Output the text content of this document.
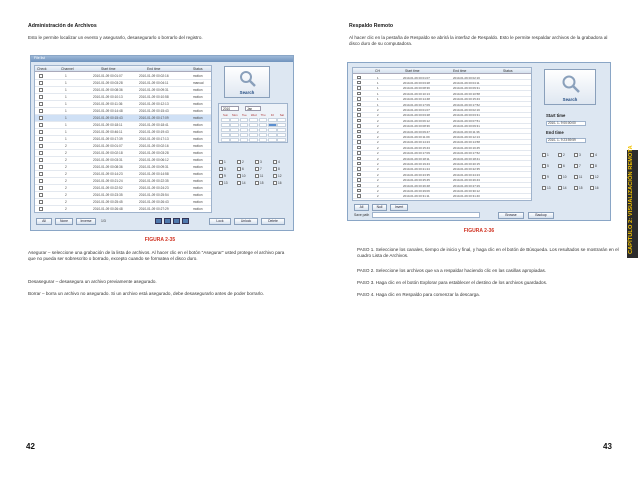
Administración de Archivos
Esto le permite localizar un evento y asegurarlo, desasegurarlo o borrarlo del registro.
File list
Check	Channel	Start time	End time	Status
1	2010-01-09 00:01:07	2010-01-09 00:02:16	motion
1	2010-01-09 00:03:28	2010-01-09 00:04:11	manual
1	2010-01-09 00:08:36	2010-01-09 00:09:31	motion
1	2010-01-09 00:10:13	2010-01-09 00:10:58	motion
1	2010-01-09 00:11:36	2010-01-09 00:12:13	motion
1	2010-01-09 00:14:48	2010-01-09 00:15:43	motion
1	2010-01-09 00:15:43	2010-01-09 00:17:09	motion
1	2010-01-09 00:18:11	2010-01-09 00:18:41	motion
1	2010-01-09 00:46:11	2010-01-09 00:19:43	motion
1	2010-01-09 00:17:39	2010-01-09 00:17:13	motion
2	2010-01-09 00:01:07	2010-01-09 00:02:16	motion
2	2010-01-09 00:02:18	2010-01-09 00:03:28	motion
2	2010-01-09 00:03:31	2010-01-09 00:06:12	motion
2	2010-01-09 00:08:36	2010-01-09 00:09:31	motion
2	2010-01-09 00:14:23	2010-01-09 00:14:58	motion
2	2010-01-09 00:21:24	2010-01-09 00:22:35	motion
2	2010-01-09 00:22:52	2010-01-09 00:24:23	motion
2	2010-01-09 00:23:35	2010-01-09 00:25:54	motion
2	2010-01-09 00:25:45	2010-01-09 00:26:43	motion
2	2010-01-09 00:26:48	2010-01-09 00:27:29	motion
Search
2010	Jan
Sun	Mon	Tue	Wed	Thu	Fri	Sat
1	2	3	4
5	6	7	8
9	10	11	12
13	14	15	16
All	None	Inverse	1/3	Lock	Unlock	Delete
FIGURA 2-35
Asegurar – seleccione una grabación de la lista de archivos. Al hacer clic en el botón "Asegurar" usted protege el archivo para que no pueda ser sobrescrito o borrado, excepto cuando se formatea el disco duro.
Desasegurar – desasegura un archivo previamente asegurado.
Borrar – borra un archivo no asegurado. Si un archivo está asegurado, debe desasegurarlo antes de poder borrarlo.
42
Respaldo Remoto
Al hacer clic en la pestaña de Respaldo se abrirá la interfaz de Respaldo. Esto le permite respaldar archivos de la grabadora al disco duro de su computadora.
CH	Start time	End time	Status
1	2010-01-09 00:01:07	2010-01-09 00:02:16
1	2010-01-09 00:03:28	2010-01-09 00:04:11
1	2010-01-09 00:08:36	2010-01-09 00:09:31
1	2010-01-09 00:10:13	2010-01-09 00:10:58
1	2010-01-09 00:14:48	2010-01-09 00:15:43
1	2010-01-09 00:17:09	2010-01-09 00:17:52
2	2010-01-09 00:01:07	2010-01-09 00:02:16
2	2010-01-09 00:03:28	2010-01-09 00:03:31
2	2010-01-09 00:06:12	2010-01-09 00:07:51
2	2010-01-09 00:08:36	2010-01-09 00:09:31
2	2010-01-09 00:09:47	2010-01-09 00:11:36
2	2010-01-09 00:11:09	2010-01-09 00:12:13
2	2010-01-09 00:14:23	2010-01-09 00:14:58
2	2010-01-09 00:15:43	2010-01-09 00:16:45
2	2010-01-09 00:17:09	2010-01-09 00:17:52
2	2010-01-09 00:18:11	2010-01-09 00:18:41
2	2010-01-09 00:19:43	2010-01-09 00:20:15
2	2010-01-09 00:21:24	2010-01-09 00:22:35
2	2010-01-09 00:23:35	2010-01-09 00:24:23
2	2010-01-09 00:25:45	2010-01-09 00:26:43
2	2010-01-09 00:26:48	2010-01-09 00:27:29
2	2010-01-09 00:29:06	2010-01-09 00:30:12
2	2010-01-09 00:31:11	2010-01-09 00:31:40
Search
Start time
2010- 1- 9 00:00:00
End time
2010- 1- 9 23:59:59
1	2	3	4
5	6	7	8
9	10	11	12
13	14	15	16
All	Null	Invert
Save path	Browse	Backup
FIGURA 2-36
PASO 1. Seleccione los canales, tiempo de inicio y final, y haga clic en el botón de Búsqueda. Los resultados se mostrarán en el cuadro Lista de Archivos.
PASO 2. Seleccione los archivos que va a respaldar haciendo clic en las casillas apropiadas.
PASO 3. Haga clic en el botón Explorar para establecer el destino de los archivos guardados.
PASO 4. Haga clic en Respaldo para comenzar la descarga.
43
CAPÍTULO 2: VISUALIZACIÓN REMOTA
